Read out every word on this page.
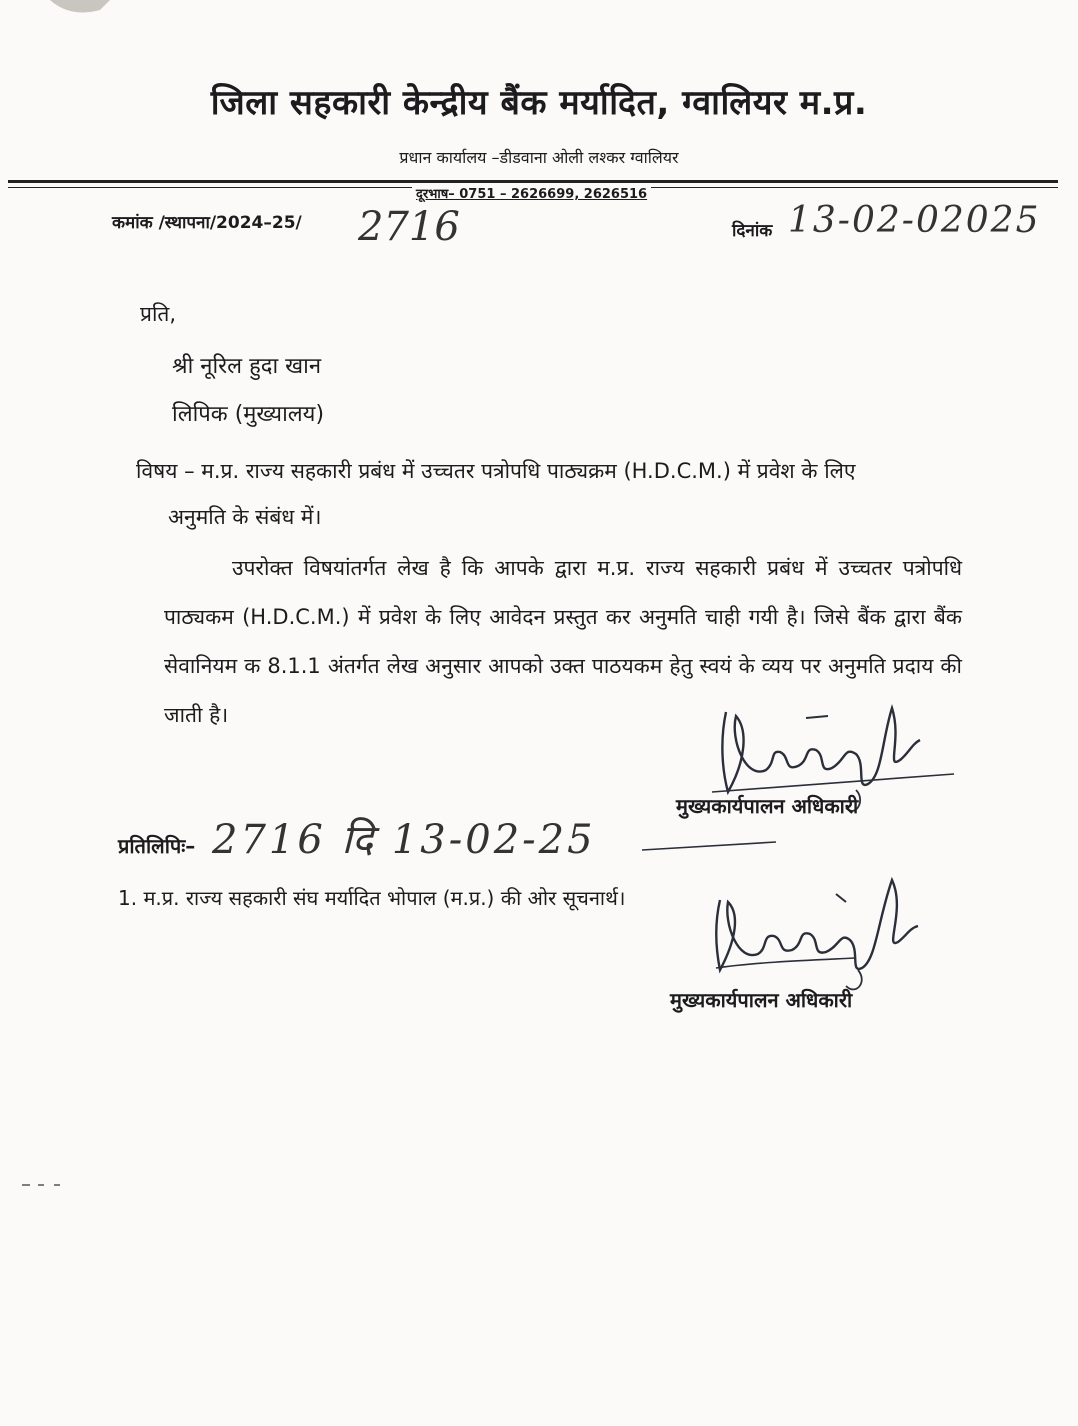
जिला सहकारी केन्द्रीय बैंक मर्यादित, ग्वालियर म.प्र.
प्रधान कार्यालय –डीडवाना ओली लश्कर ग्वालियर
दूरभाष– 0751 – 2626699, 2626516
कमांक /स्थापना/2024–25/ 2716	दिनांक 13-02-02025
प्रति,
श्री नूरिल हुदा खान
लिपिक (मुख्यालय)
विषय – म.प्र. राज्य सहकारी प्रबंध में उच्चतर पत्रोपधि पाठ्यक्रम (H.D.C.M.) में प्रवेश के लिए
अनुमति के संबंध में।
उपरोक्त विषयांतर्गत लेख है कि आपके द्वारा म.प्र. राज्य सहकारी प्रबंध में उच्चतर पत्रोपधि पाठ्यकम (H.D.C.M.) में प्रवेश के लिए आवेदन प्रस्तुत कर अनुमति चाही गयी है। जिसे बैंक द्वारा बैंक सेवानियम क 8.1.1 अंतर्गत लेख अनुसार आपको उक्त पाठयकम हेतु स्वयं के व्यय पर अनुमति प्रदाय की जाती है।
मुख्यकार्यपालन अधिकारी
प्रतिलिपिः– 2716 दि 13-02-25
1. म.प्र. राज्य सहकारी संघ मर्यादित भोपाल (म.प्र.) की ओर सूचनार्थ।
मुख्यकार्यपालन अधिकारी
